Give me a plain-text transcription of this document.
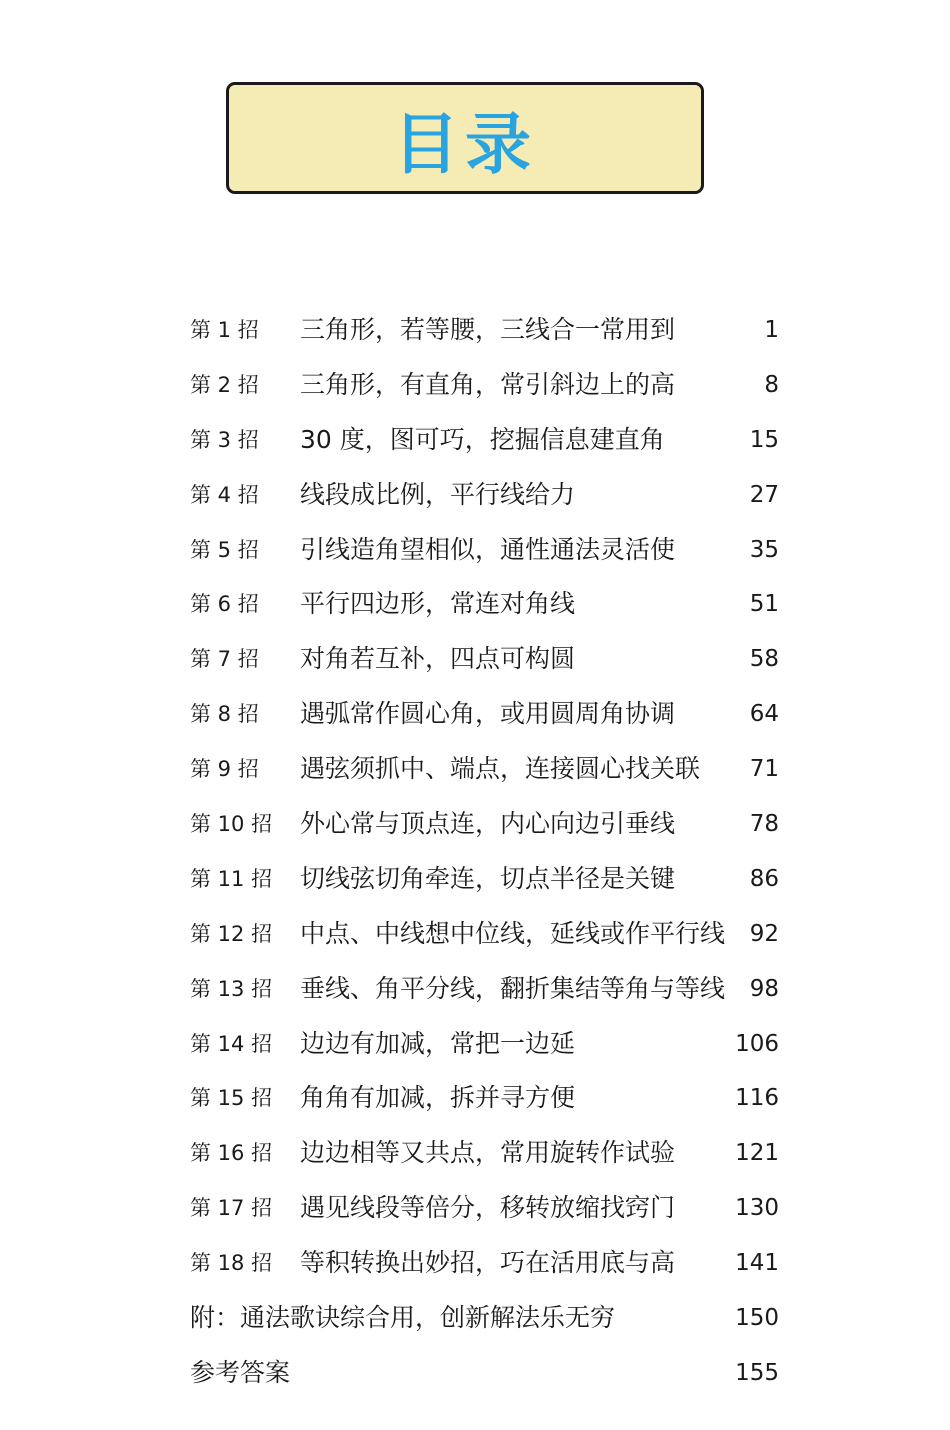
目录
第 1 招 三角形，若等腰，三线合一常用到	1
第 2 招 三角形，有直角，常引斜边上的高	8
第 3 招 30 度，图可巧，挖掘信息建直角	15
第 4 招 线段成比例，平行线给力	27
第 5 招 引线造角望相似，通性通法灵活使	35
第 6 招 平行四边形，常连对角线	51
第 7 招 对角若互补，四点可构圆	58
第 8 招 遇弧常作圆心角，或用圆周角协调	64
第 9 招 遇弦须抓中、端点，连接圆心找关联 71
第 10 招 外心常与顶点连，内心向边引垂线	78
第 11 招 切线弦切角牵连，切点半径是关键	86
第 12 招 中点、中线想中位线，延线或作平行线 92
第 13 招 垂线、角平分线，翻折集结等角与等线 98
第 14 招 边边有加减，常把一边延	106
第 15 招 角角有加减，拆并寻方便	116
第 16 招 边边相等又共点，常用旋转作试验	121
第 17 招 遇见线段等倍分，移转放缩找窍门	130
第 18 招 等积转换出妙招，巧在活用底与高	141
附：通法歌诀综合用，创新解法乐无穷	150
参考答案	155
